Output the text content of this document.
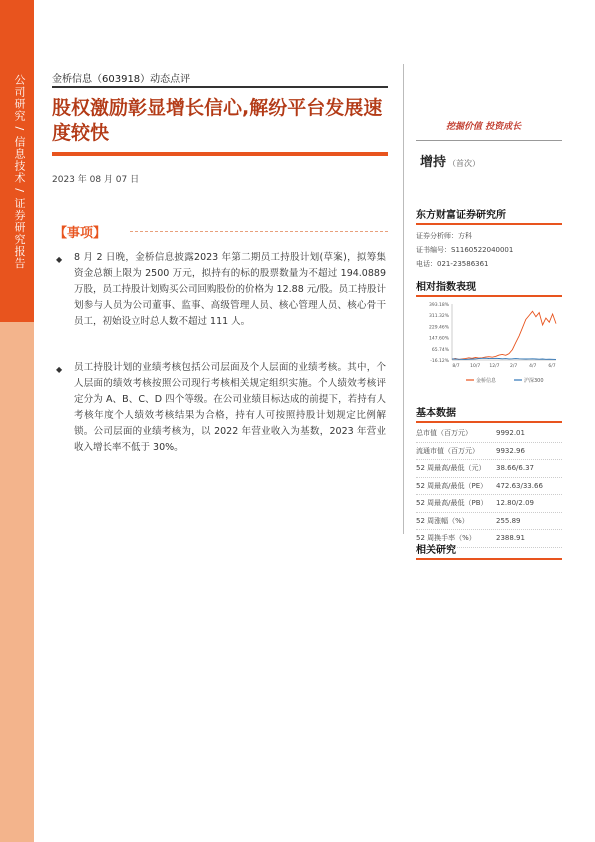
公司研究 / 信息技术 / 证券研究报告	金桥信息（603918）动态点评
股权激励彰显增长信心,解纷平台发展速度较快
2023 年 08 月 07 日
挖掘价值 投资成长
增持 （首次）
【事项】
◆ 8 月 2 日晚，金桥信息披露2023 年第二期员工持股计划(草案)，拟筹集资金总额上限为 2500 万元，拟持有的标的股票数量为不超过 194.0889 万股，员工持股计划购买公司回购股份的价格为 12.88 元/股。员工持股计划参与人员为公司董事、监事、高级管理人员、核心管理人员、核心骨干员工，初始设立时总人数不超过 111 人。
◆ 员工持股计划的业绩考核包括公司层面及个人层面的业绩考核。其中，个人层面的绩效考核按照公司现行考核相关规定组织实施。个人绩效考核评定分为 A、B、C、D 四个等级。在公司业绩目标达成的前提下，若持有人考核年度个人绩效考核结果为合格，持有人可按照持股计划规定比例解锁。公司层面的业绩考核为，以 2022 年营业收入为基数，2023 年营业收入增长率不低于 30%。
东方财富证券研究所
证券分析师：方科
证书编号：S1160522040001
电话：021-23586361
相对指数表现
393.18%
311.32%
229.46%
147.60%
65.74%
-16.12%
8/7 10/7 12/7 2/7	4/7	6/7
金桥信息	沪深300
基本数据
总市值（百万元）	9992.01
流通市值（百万元）	9932.96
52 周最高/最低（元）	38.66/6.37
52 周最高/最低（PE）	472.63/33.66
52 周最高/最低（PB）	12.80/2.09
52 周涨幅（%）	255.89
52 周换手率（%）	2388.91
相关研究
